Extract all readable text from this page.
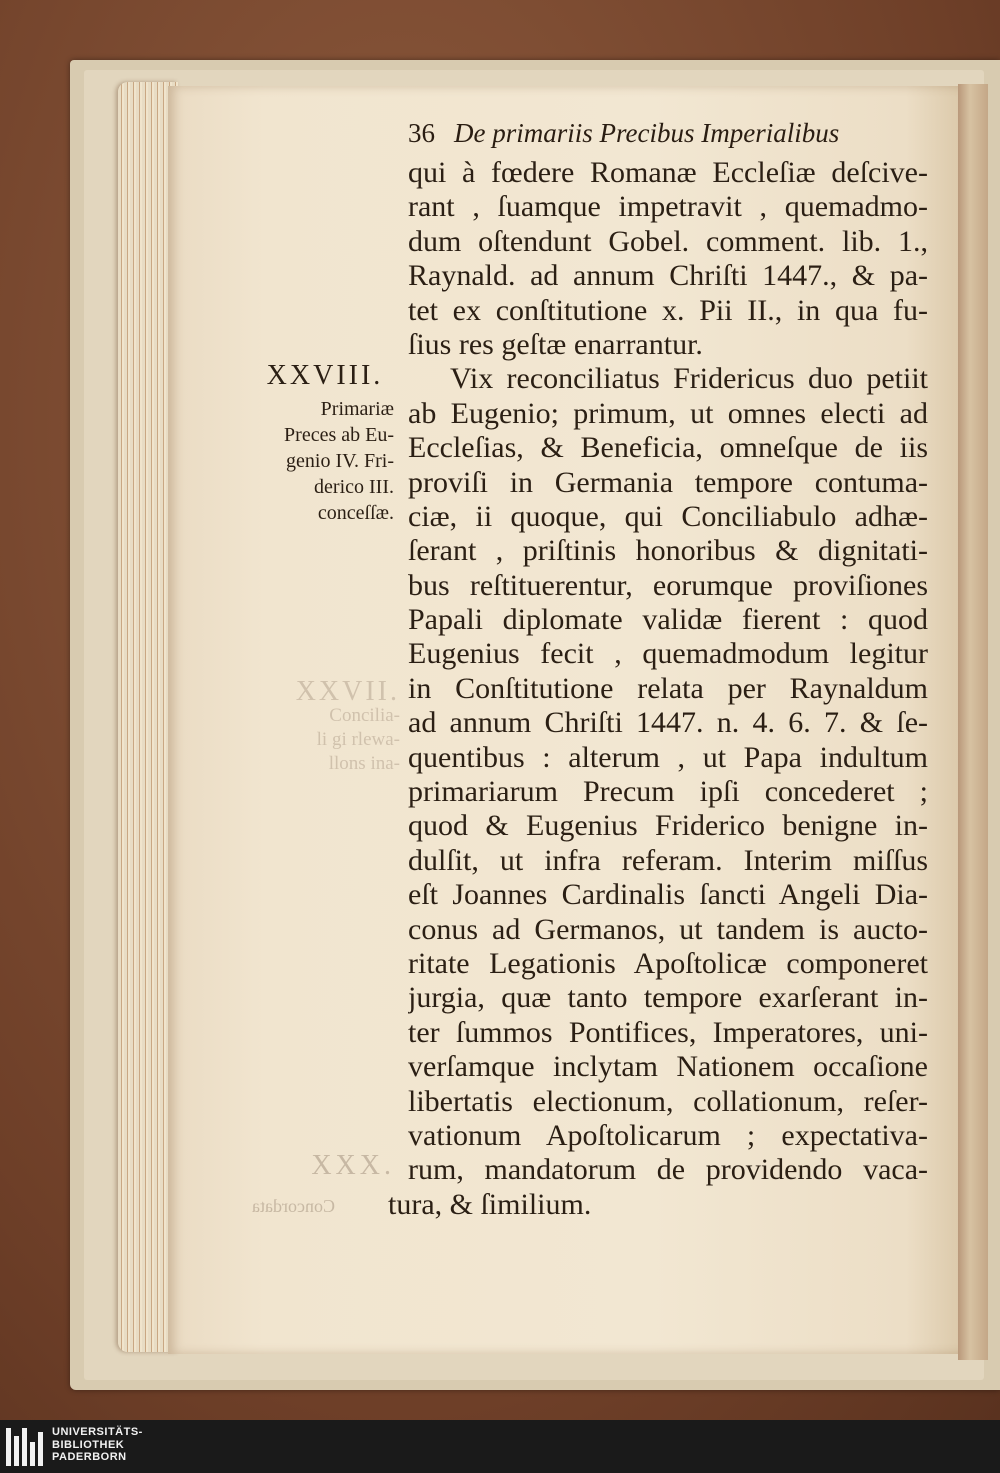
36 De primariis Precibus Imperialibus
qui à fœdere Romanæ Eccleſiæ deſcive-
rant , ſuamque impetravit , quemadmo-
dum oſtendunt Gobel. comment. lib. 1.,
Raynald. ad annum Chriſti 1447., & pa-
tet ex conſtitutione x. Pii II., in qua fu-
ſius res geſtæ enarrantur.
Vix reconciliatus Fridericus duo petiit
ab Eugenio; primum, ut omnes electi ad
Eccleſias, & Beneficia, omneſque de iis
proviſi in Germania tempore contuma-
ciæ, ii quoque, qui Conciliabulo adhæ-
ſerant , priſtinis honoribus & dignitati-
bus reſtituerentur, eorumque proviſiones
Papali diplomate validæ fierent : quod
Eugenius fecit , quemadmodum legitur
in Conſtitutione relata per Raynaldum
ad annum Chriſti 1447. n. 4. 6. 7. & ſe-
quentibus : alterum , ut Papa indultum
primariarum Precum ipſi concederet ;
quod & Eugenius Friderico benigne in-
dulſit, ut infra referam. Interim miſſus
eſt Joannes Cardinalis ſancti Angeli Dia-
conus ad Germanos, ut tandem is aucto-
ritate Legationis Apoſtolicæ componeret
jurgia, quæ tanto tempore exarſerant in-
ter ſummos Pontifices, Imperatores, uni-
verſamque inclytam Nationem occaſione
libertatis electionum, collationum, reſer-
vationum Apoſtolicarum ; expectativa-
rum, mandatorum de providendo vaca-
tura, & ſimilium.
XXVIII.
Primariæ
Preces ab Eu-
genio IV. Fri-
derico III.
conceſſæ.
XXVII.
Concilia-
li gi rlewa-
llons ina-
XXX.
Concordata
UNIVERSITÄTS-
BIBLIOTHEK
PADERBORN
